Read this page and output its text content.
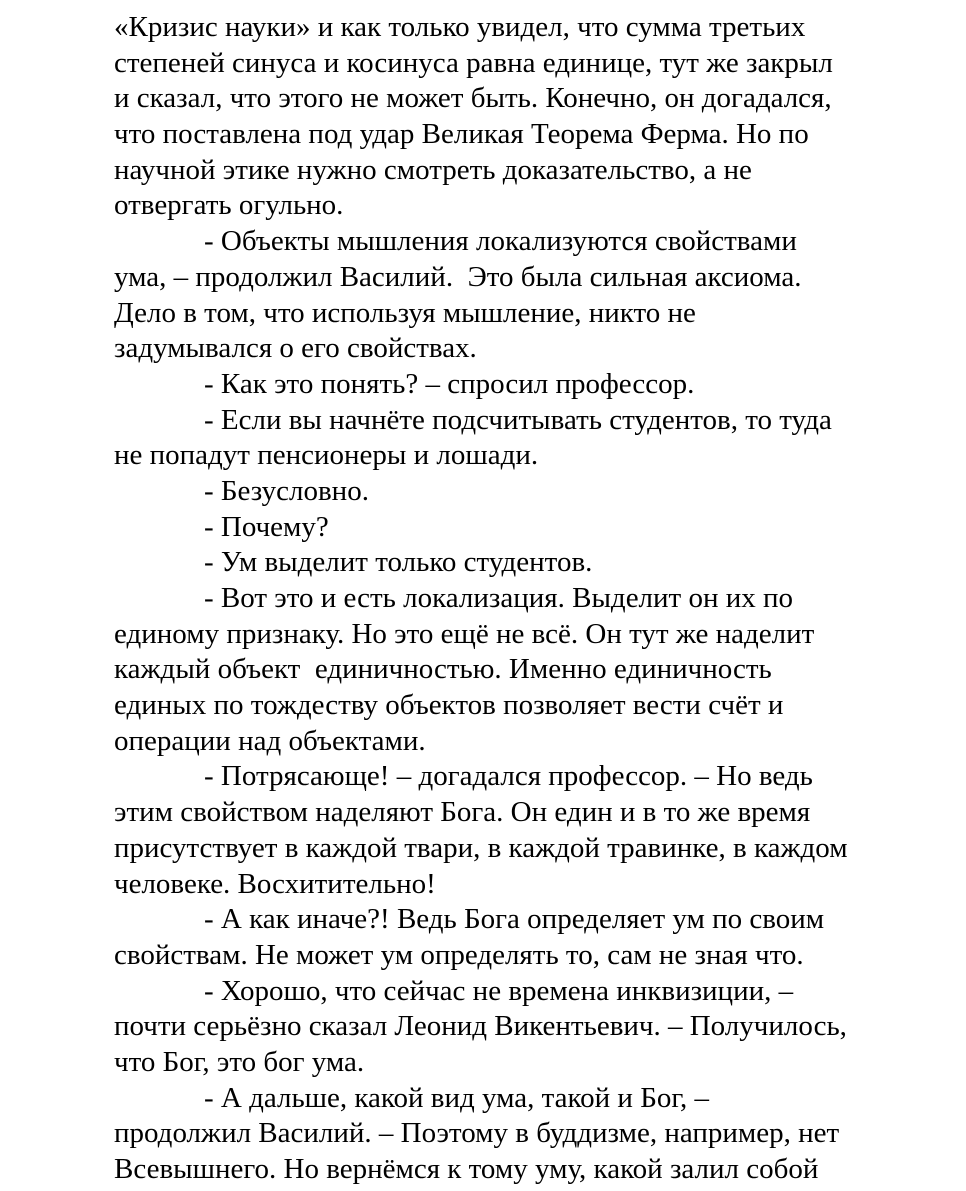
«Кризис науки» и как только увидел, что сумма третьих
степеней синуса и косинуса равна единице, тут же закрыл
и сказал, что этого не может быть. Конечно, он догадался,
что поставлена под удар Великая Теорема Ферма. Но по
научной этике нужно смотреть доказательство, а не
отвергать огульно.
- Объекты мышления локализуются свойствами
ума, – продолжил Василий.  Это была сильная аксиома.
Дело в том, что используя мышление, никто не
задумывался о его свойствах.
- Как это понять? – спросил профессор.
- Если вы начнёте подсчитывать студентов, то туда
не попадут пенсионеры и лошади.
- Безусловно.
- Почему?
- Ум выделит только студентов.
- Вот это и есть локализация. Выделит он их по
единому признаку. Но это ещё не всё. Он тут же наделит
каждый объект  единичностью. Именно единичность
единых по тождеству объектов позволяет вести счёт и
операции над объектами.
- Потрясающе! – догадался профессор. – Но ведь
этим свойством наделяют Бога. Он един и в то же время
присутствует в каждой твари, в каждой травинке, в каждом
человеке. Восхитительно!
- А как иначе?! Ведь Бога определяет ум по своим
свойствам. Не может ум определять то, сам не зная что.
- Хорошо, что сейчас не времена инквизиции, –
почти серьёзно сказал Леонид Викентьевич. – Получилось,
что Бог, это бог ума.
- А дальше, какой вид ума, такой и Бог, –
продолжил Василий. – Поэтому в буддизме, например, нет
Всевышнего. Но вернёмся к тому уму, какой залил собой
